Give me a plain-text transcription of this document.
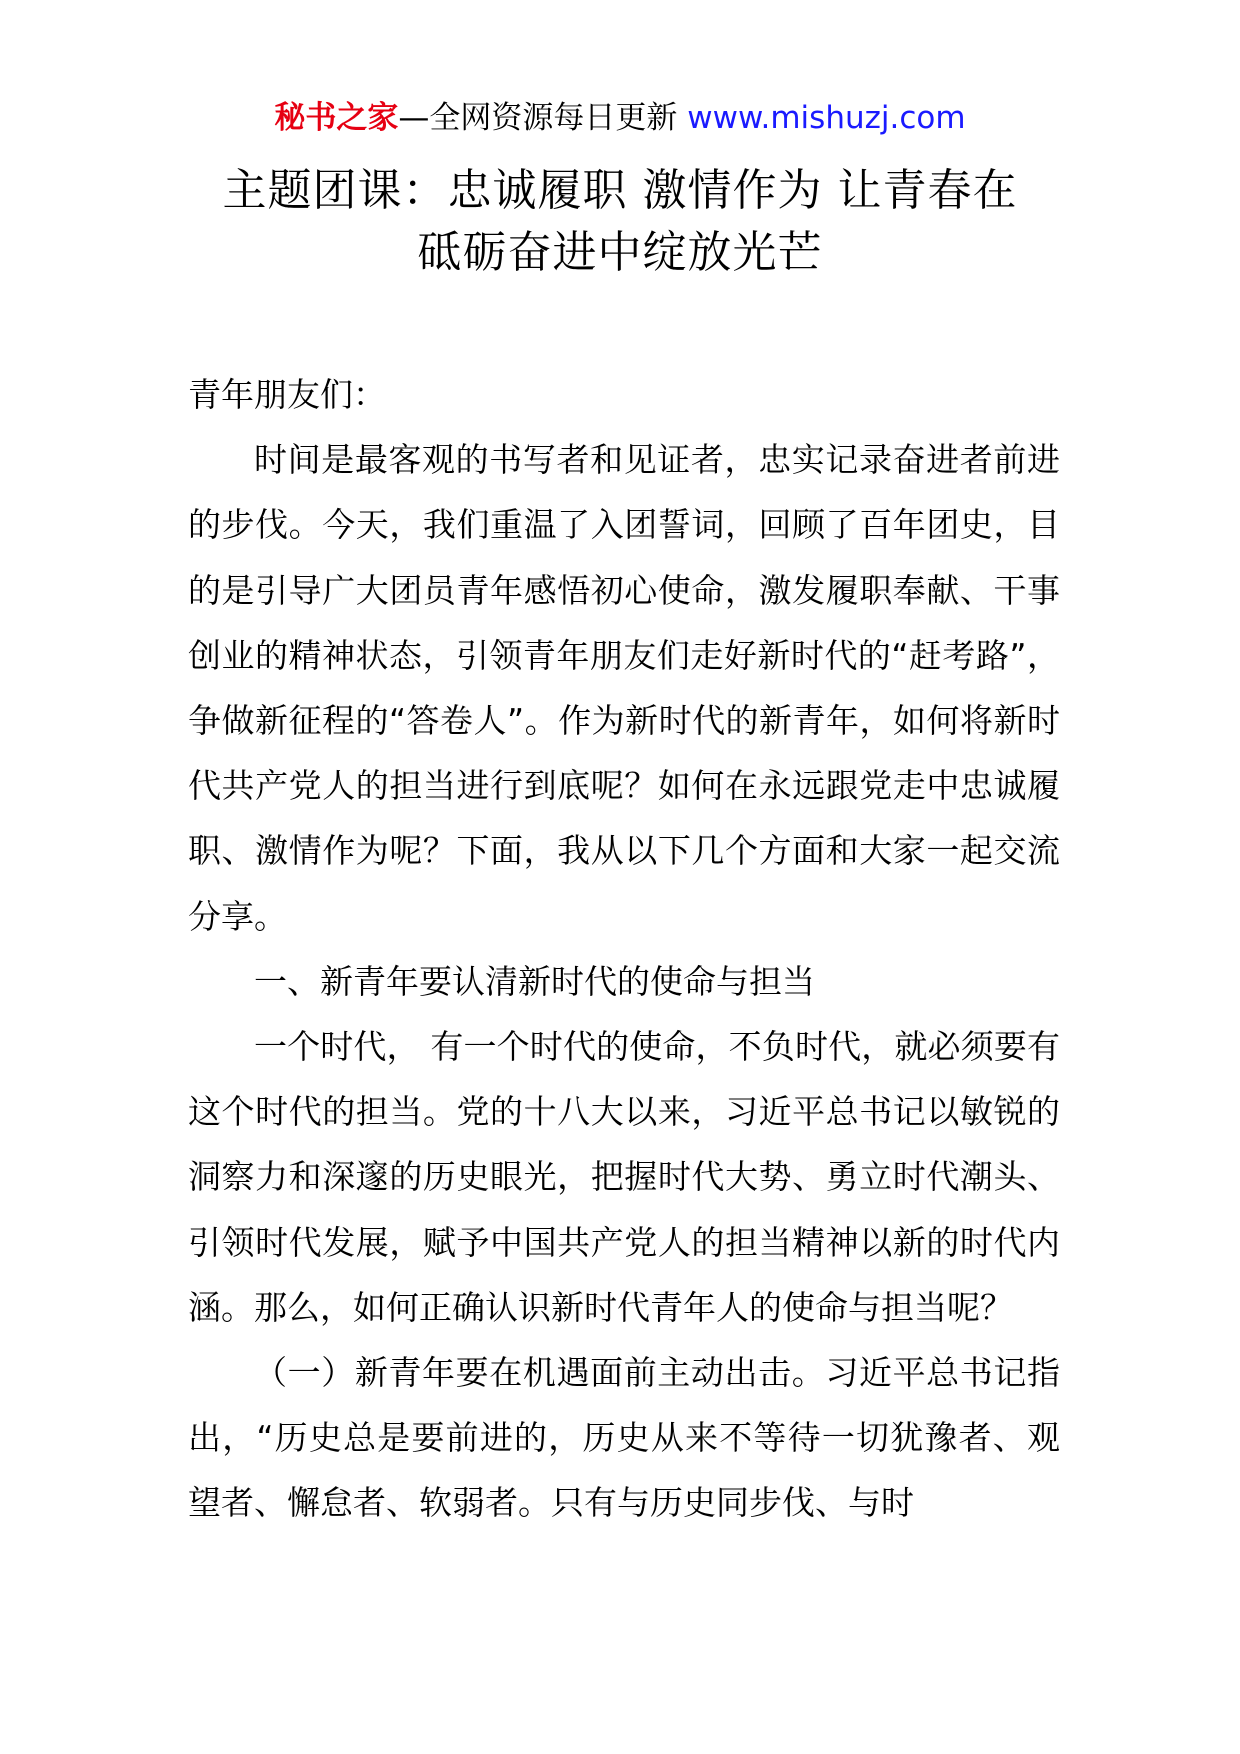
秘书之家—全网资源每日更新 www.mishuzj.com
主题团课：忠诚履职 激情作为 让青春在
砥砺奋进中绽放光芒

青年朋友们：

时间是最客观的书写者和见证者，忠实记录奋进者前进的步伐。今天，我们重温了入团誓词，回顾了百年团史，目的是引导广大团员青年感悟初心使命，激发履职奉献、干事创业的精神状态，引领青年朋友们走好新时代的“赶考路”，争做新征程的“答卷人”。作为新时代的新青年，如何将新时代共产党人的担当进行到底呢？如何在永远跟党走中忠诚履职、激情作为呢？下面，我从以下几个方面和大家一起交流分享。

一、新青年要认清新时代的使命与担当

一个时代， 有一个时代的使命，不负时代，就必须要有这个时代的担当。党的十八大以来，习近平总书记以敏锐的洞察力和深邃的历史眼光，把握时代大势、勇立时代潮头、引领时代发展，赋予中国共产党人的担当精神以新的时代内涵。那么，如何正确认识新时代青年人的使命与担当呢？

（一）新青年要在机遇面前主动出击。习近平总书记指出，“历史总是要前进的，历史从来不等待一切犹豫者、观望者、懈怠者、软弱者。只有与历史同步伐、与时
